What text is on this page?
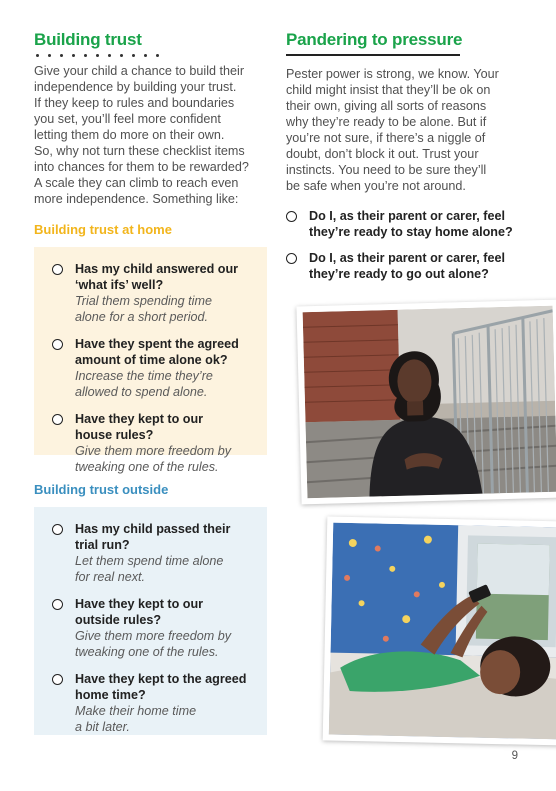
Building trust

Give your child a chance to build their
independence by building your trust.
If they keep to rules and boundaries
you set, you’ll feel more confident
letting them do more on their own.
So, why not turn these checklist items
into chances for them to be rewarded?
A scale they can climb to reach even
more independence. Something like:

Building trust at home
Has my child answered our
‘what ifs’ well?
Trial them spending time
alone for a short period.
Have they spent the agreed
amount of time alone ok?
Increase the time they’re
allowed to spend alone.
Have they kept to our
house rules?
Give them more freedom by
tweaking one of the rules.
Building trust outside
Has my child passed their
trial run?
Let them spend time alone
for real next.
Have they kept to our
outside rules?
Give them more freedom by
tweaking one of the rules.
Have they kept to the agreed
home time?
Make their home time
a bit later.
Pandering to pressure

Pester power is strong, we know. Your
child might insist that they’ll be ok on
their own, giving all sorts of reasons
why they’re ready to be alone. But if
you’re not sure, if there’s a niggle of
doubt, don’t block it out. Trust your
instincts. You need to be sure they’ll
be safe when you’re not around.

Do I, as their parent or carer, feel
they’re ready to stay home alone?
Do I, as their parent or carer, feel
they’re ready to go out alone?
9
